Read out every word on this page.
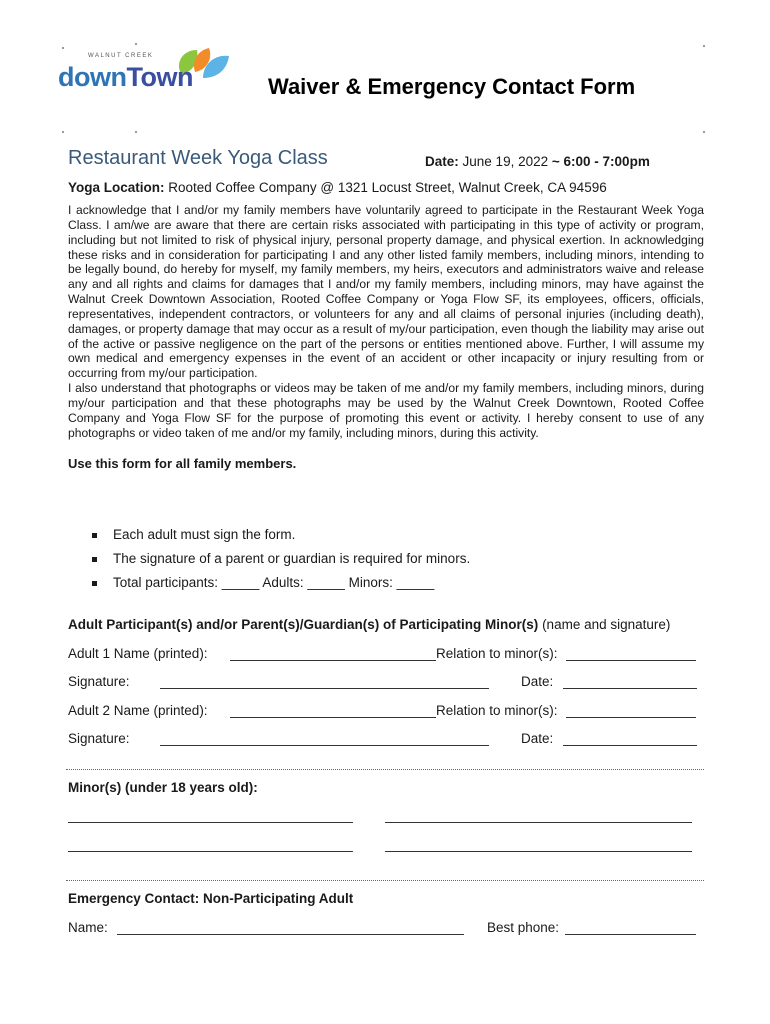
WALNUT CREEK
downTown	Waiver & Emergency Contact Form
Restaurant Week Yoga Class	Date: June 19, 2022 ~ 6:00 - 7:00pm
Yoga Location: Rooted Coffee Company @ 1321 Locust Street, Walnut Creek, CA 94596
I acknowledge that I and/or my family members have voluntarily agreed to participate in the Restaurant Week Yoga Class. I am/we are aware that there are certain risks associated with participating in this type of activity or program, including but not limited to risk of physical injury, personal property damage, and physical exertion. In acknowledging these risks and in consideration for participating I and any other listed family members, including minors, intending to be legally bound, do hereby for myself, my family members, my heirs, executors and administrators waive and release any and all rights and claims for damages that I and/or my family members, including minors, may have against the Walnut Creek Downtown Association, Rooted Coffee Company or Yoga Flow SF, its employees, officers, officials, representatives, independent contractors, or volunteers for any and all claims of personal injuries (including death), damages, or property damage that may occur as a result of my/our participation, even though the liability may arise out of the active or passive negligence on the part of the persons or entities mentioned above. Further, I will assume my own medical and emergency expenses in the event of an accident or other incapacity or injury resulting from or occurring from my/our participation.
I also understand that photographs or videos may be taken of me and/or my family members, including minors, during my/our participation and that these photographs may be used by the Walnut Creek Downtown, Rooted Coffee Company and Yoga Flow SF for the purpose of promoting this event or activity. I hereby consent to use of any photographs or video taken of me and/or my family, including minors, during this activity.
Use this form for all family members.
Each adult must sign the form.
The signature of a parent or guardian is required for minors.
Total participants: _____ Adults: _____ Minors: _____
Adult Participant(s) and/or Parent(s)/Guardian(s) of Participating Minor(s) (name and signature)
Adult 1 Name (printed):	Relation to minor(s):
Signature:	Date:
Adult 2 Name (printed):	Relation to minor(s):
Signature:	Date:
Minor(s) (under 18 years old):
Emergency Contact: Non-Participating Adult
Name:	Best phone:
